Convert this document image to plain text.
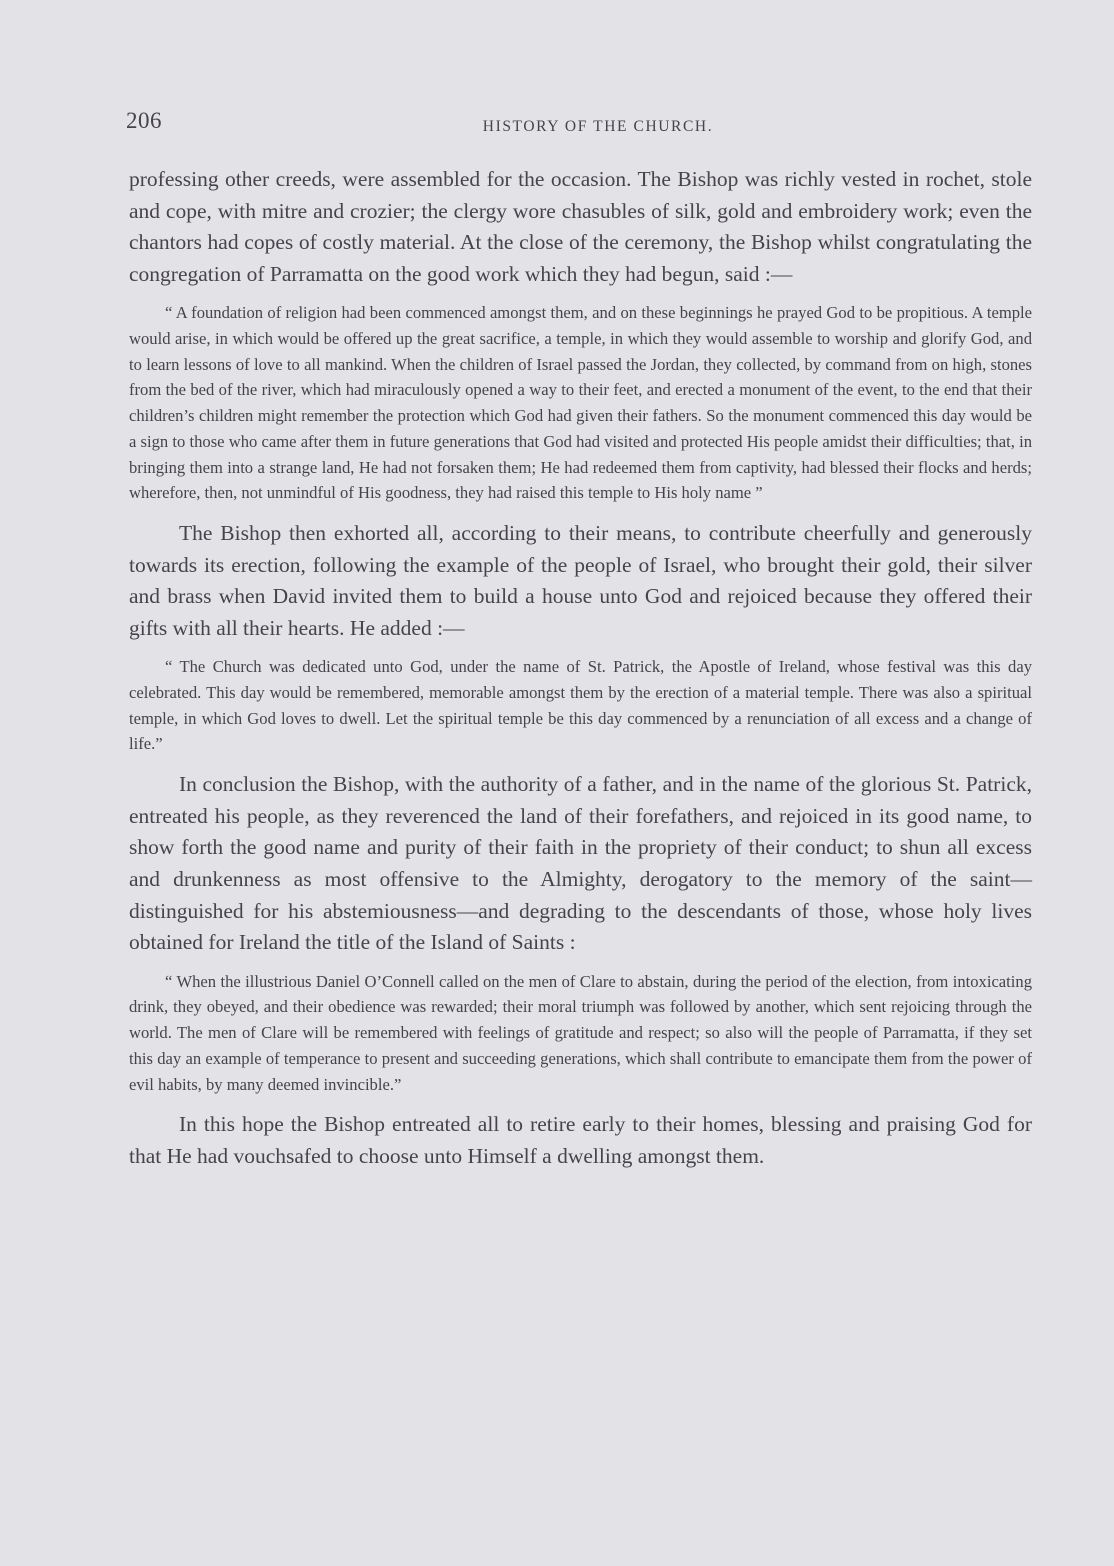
206	HISTORY OF THE CHURCH.

professing other creeds, were assembled for the occasion. The Bishop was richly vested in rochet, stole and cope, with mitre and crozier; the clergy wore chasubles of silk, gold and embroidery work; even the chantors had copes of costly material. At the close of the ceremony, the Bishop whilst congratulating the congregation of Parramatta on the good work which they had begun, said :—

“ A foundation of religion had been commenced amongst them, and on these beginnings he prayed God to be propitious. A temple would arise, in which would be offered up the great sacrifice, a temple, in which they would assemble to worship and glorify God, and to learn lessons of love to all mankind. When the children of Israel passed the Jordan, they collected, by command from on high, stones from the bed of the river, which had miraculously opened a way to their feet, and erected a monument of the event, to the end that their children’s children might remember the protection which God had given their fathers. So the monument commenced this day would be a sign to those who came after them in future generations that God had visited and protected His people amidst their difficulties; that, in bringing them into a strange land, He had not forsaken them; He had redeemed them from captivity, had blessed their flocks and herds; wherefore, then, not unmindful of His goodness, they had raised this temple to His holy name ”

The Bishop then exhorted all, according to their means, to contribute cheerfully and generously towards its erection, following the example of the people of Israel, who brought their gold, their silver and brass when David invited them to build a house unto God and rejoiced because they offered their gifts with all their hearts. He added :—

“ The Church was dedicated unto God, under the name of St. Patrick, the Apostle of Ireland, whose festival was this day celebrated. This day would be remembered, memorable amongst them by the erection of a material temple. There was also a spiritual temple, in which God loves to dwell. Let the spiritual temple be this day commenced by a renunciation of all excess and a change of life.”

In conclusion the Bishop, with the authority of a father, and in the name of the glorious St. Patrick, entreated his people, as they reverenced the land of their forefathers, and rejoiced in its good name, to show forth the good name and purity of their faith in the propriety of their conduct; to shun all excess and drunkenness as most offensive to the Almighty, derogatory to the memory of the saint—distinguished for his abstemiousness—and degrading to the descendants of those, whose holy lives obtained for Ireland the title of the Island of Saints :

“ When the illustrious Daniel O’Connell called on the men of Clare to abstain, during the period of the election, from intoxicating drink, they obeyed, and their obedience was rewarded; their moral triumph was followed by another, which sent rejoicing through the world. The men of Clare will be remembered with feelings of gratitude and respect; so also will the people of Parramatta, if they set this day an example of temperance to present and succeeding generations, which shall contribute to emancipate them from the power of evil habits, by many deemed invincible.”

In this hope the Bishop entreated all to retire early to their homes, blessing and praising God for that He had vouchsafed to choose unto Himself a dwelling amongst them.
